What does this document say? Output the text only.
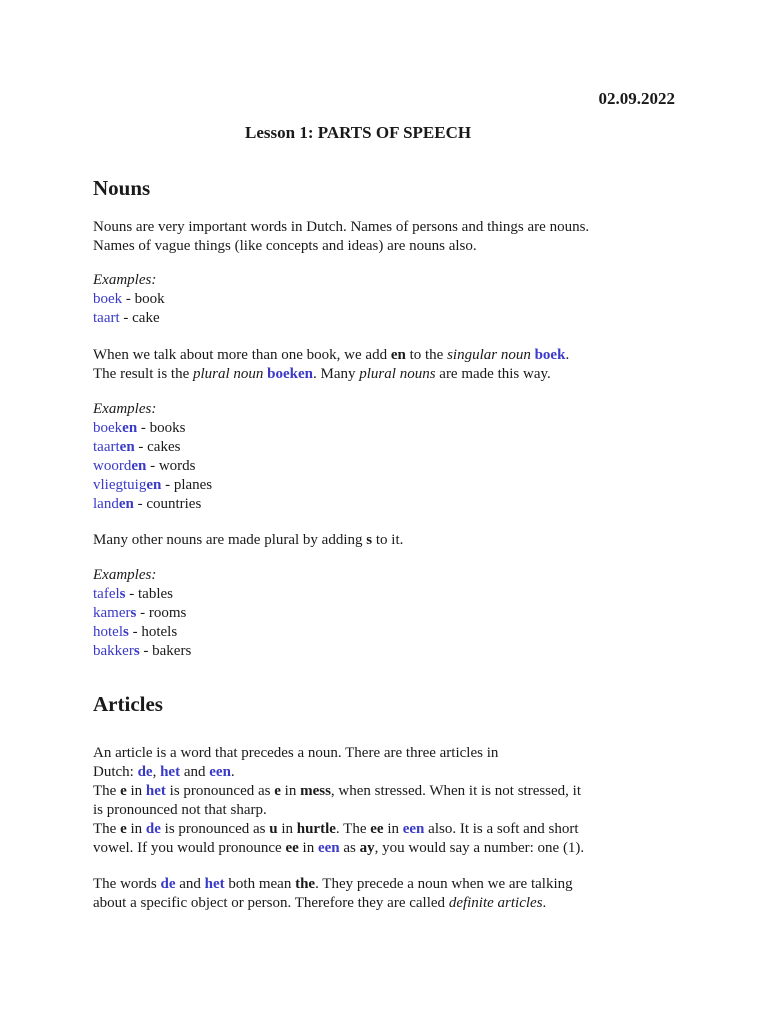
02.09.2022
Lesson 1: PARTS OF SPEECH
Nouns
Nouns are very important words in Dutch. Names of persons and things are nouns.
Names of vague things (like concepts and ideas) are nouns also.
Examples:
boek - book
taart - cake
When we talk about more than one book, we add en to the singular noun boek.
The result is the plural noun boeken. Many plural nouns are made this way.
Examples:
boeken - books
taarten - cakes
woorden - words
vliegtuigen - planes
landen - countries
Many other nouns are made plural by adding s to it.
Examples:
tafels - tables
kamers - rooms
hotels - hotels
bakkers - bakers
Articles
An article is a word that precedes a noun. There are three articles in
Dutch: de, het and een.
The e in het is pronounced as e in mess, when stressed. When it is not stressed, it
is pronounced not that sharp.
The e in de is pronounced as u in hurtle. The ee in een also. It is a soft and short
vowel. If you would pronounce ee in een as ay, you would say a number: one (1).
The words de and het both mean the. They precede a noun when we are talking
about a specific object or person. Therefore they are called definite articles.
